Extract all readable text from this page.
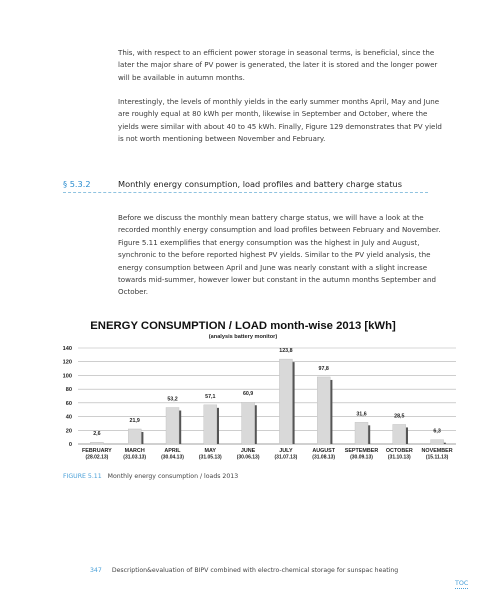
This, with respect to an efficient power storage in seasonal terms, is beneficial, since the later the major share of PV power is generated, the later it is stored and the longer power will be available in autumn months.

Interestingly, the levels of monthly yields in the early summer months April, May and June are roughly equal at 80 kWh per month, likewise in September and October, where the yields were similar with about 40 to 45 kWh. Finally, Figure 129 demonstrates that PV yield is not worth mentioning between November and February.

§ 5.3.2	Monthly energy consumption, load profiles and battery charge status

Before we discuss the monthly mean battery charge status, we will have a look at the recorded monthly energy consumption and load profiles between February and November. Figure 5.11 exemplifies that energy consumption was the highest in July and August, synchronic to the before reported highest PV yields. Similar to the PV yield analysis, the energy consumption between April and June was nearly constant with a slight increase towards mid-summer, however lower but constant in the autumn months September and October.

ENERGY CONSUMPTION / LOAD month-wise 2013 [kWh]
(analysis battery monitor)
0
20
40
60
80
100
120
140
2,6
FEBRUARY
(28.02.13)
21,9
MARCH
(31.03.13)
53,2
APRIL
(30.04.13)
57,1
MAY
(31.05.13)
60,9
JUNE
(30.06.13)
123,8
JULY
(31.07.13)
97,8
AUGUST
(31.08.13)
31,6
SEPTEMBER
(30.09.13)
28,5
OCTOBER
(31.10.13)
6,3
NOVEMBER
(15.11.13)
FIGURE 5.11 Monthly energy consumption / loads 2013
347 Description&evaluation of BIPV combined with electro-chemical storage for sunspac heating
TOC
